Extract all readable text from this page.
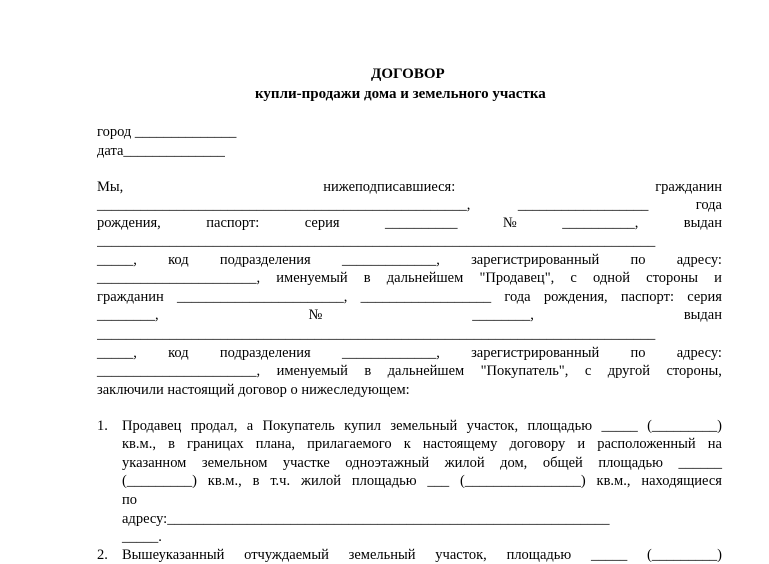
ДОГОВОР
купли-продажи дома и земельного участка
город ______________
дата______________
Мы,	нижеподписавшиеся:	гражданин
___________________________________________________,	__________________	года
рождения,	паспорт:	серия	__________	№	__________,	выдан
_____________________________________________________________________________
_____, код подразделения _____________, зарегистрированный по адресу:
______________________, именуемый в дальнейшем "Продавец", с одной стороны и
гражданин _______________________, __________________ года рождения, паспорт: серия
________,	№	________,	выдан
_____________________________________________________________________________
_____, код подразделения _____________, зарегистрированный по адресу:
______________________, именуемый в дальнейшем "Покупатель", с другой стороны,
заключили настоящий договор о нижеследующем:
1. Продавец продал, а Покупатель купил земельный участок, площадью _____ (_________)
кв.м., в границах плана, прилагаемого к настоящему договору и расположенный на
указанном земельном участке одноэтажный жилой дом, общей площадью ______
(_________) кв.м., в т.ч. жилой площадью ___ (________________) кв.м., находящиеся
по
адресу:_____________________________________________________________
_____.
2. Вышеуказанный отчуждаемый земельный участок, площадью _____ (_________)
